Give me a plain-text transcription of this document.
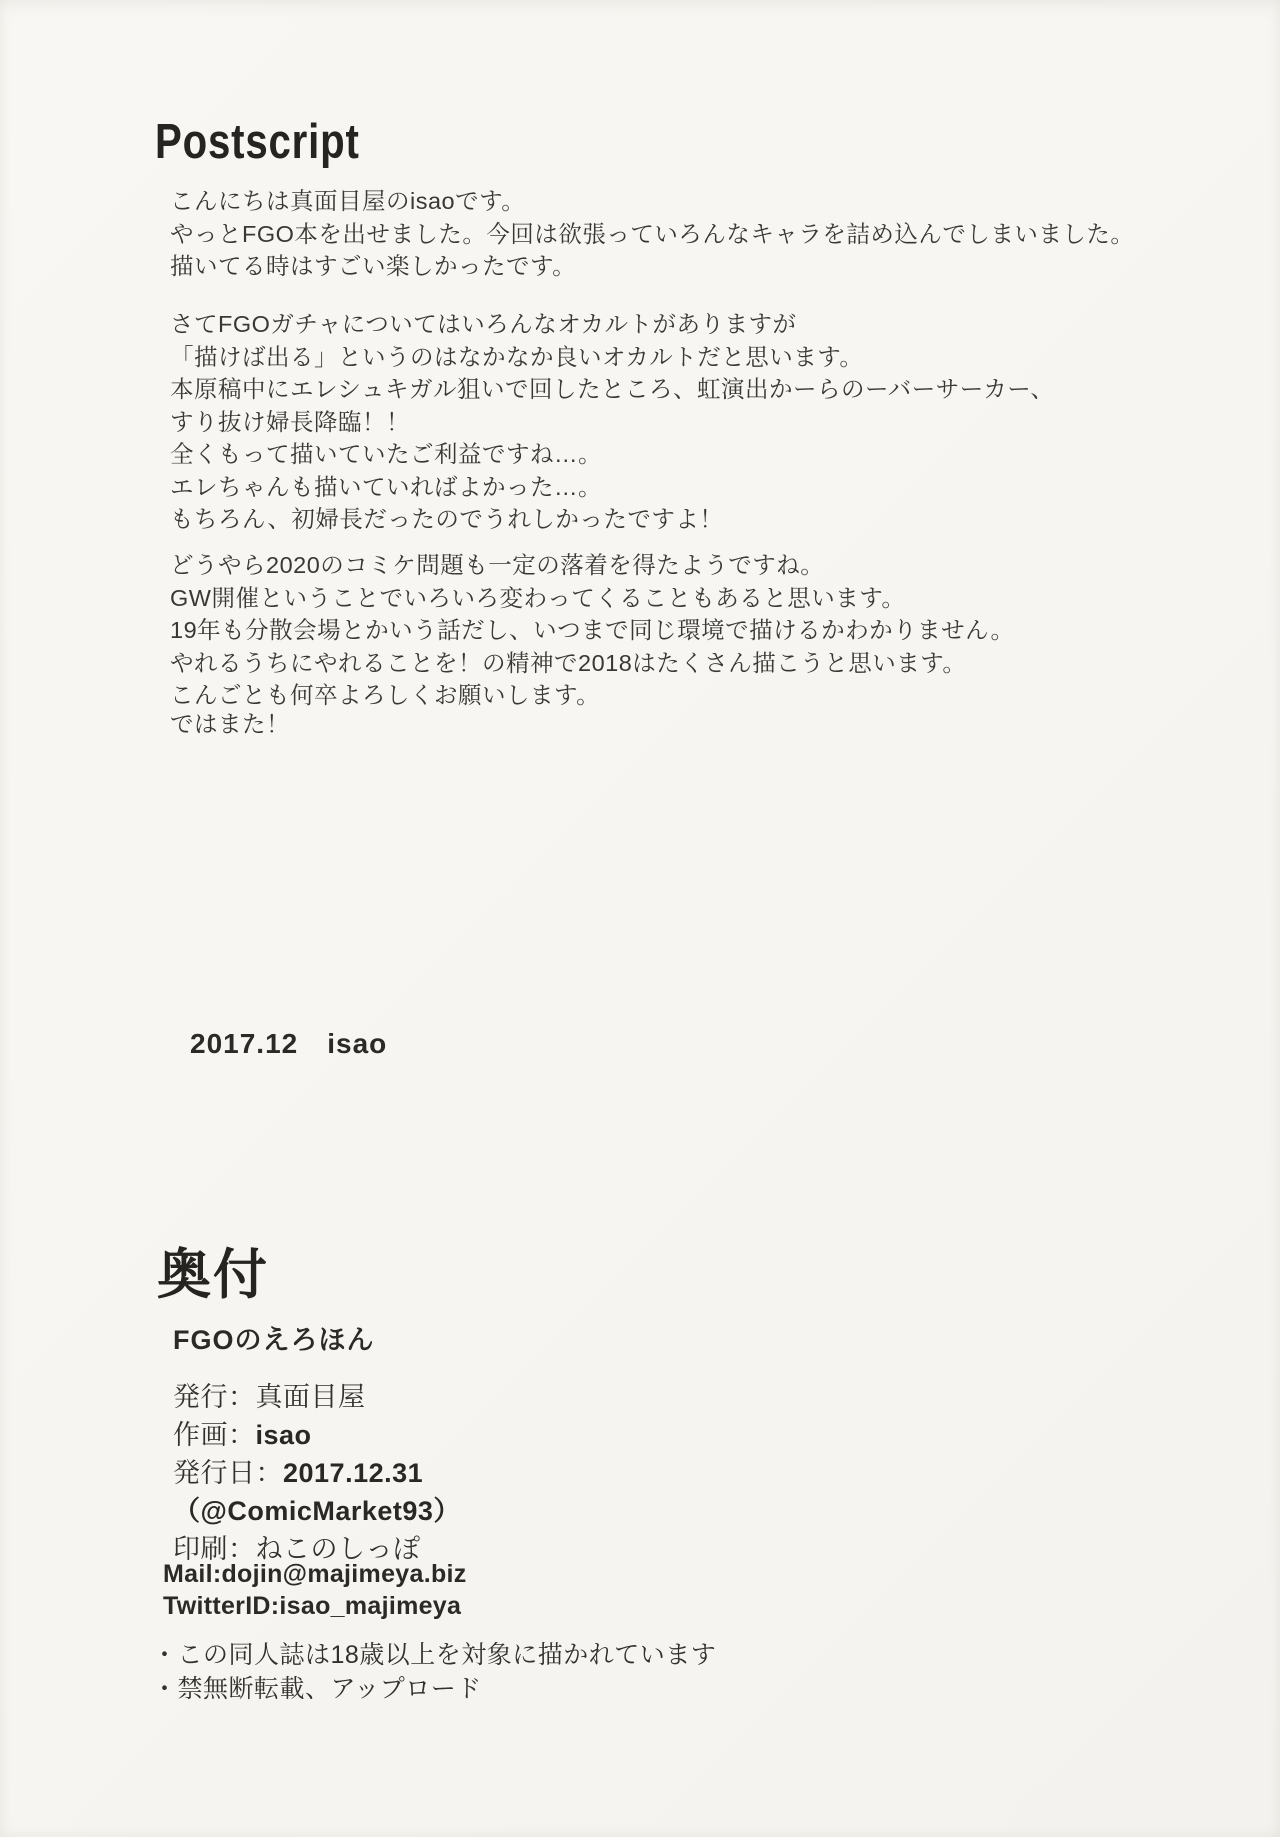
Postscript
こんにちは真面目屋のisaoです。
やっとFGO本を出せました。今回は欲張っていろんなキャラを詰め込んでしまいました。
描いてる時はすごい楽しかったです。
さてFGOガチャについてはいろんなオカルトがありますが
「描けば出る」というのはなかなか良いオカルトだと思います。
本原稿中にエレシュキガル狙いで回したところ、虹演出かーらのーバーサーカー、
すり抜け婦長降臨！！
全くもって描いていたご利益ですね…。
エレちゃんも描いていればよかった…。
もちろん、初婦長だったのでうれしかったですよ！
どうやら2020のコミケ問題も一定の落着を得たようですね。
GW開催ということでいろいろ変わってくることもあると思います。
19年も分散会場とかいう話だし、いつまで同じ環境で描けるかわかりません。
やれるうちにやれることを！の精神で2018はたくさん描こうと思います。
こんごとも何卒よろしくお願いします。
ではまた！
2017.12　isao
奥付
FGOのえろほん
発行：真面目屋
作画：isao
発行日：2017.12.31
（@ComicMarket93）
印刷：ねこのしっぽ
Mail:dojin@majimeya.biz
TwitterID:isao_majimeya
・この同人誌は18歳以上を対象に描かれています
・禁無断転載、アップロード
